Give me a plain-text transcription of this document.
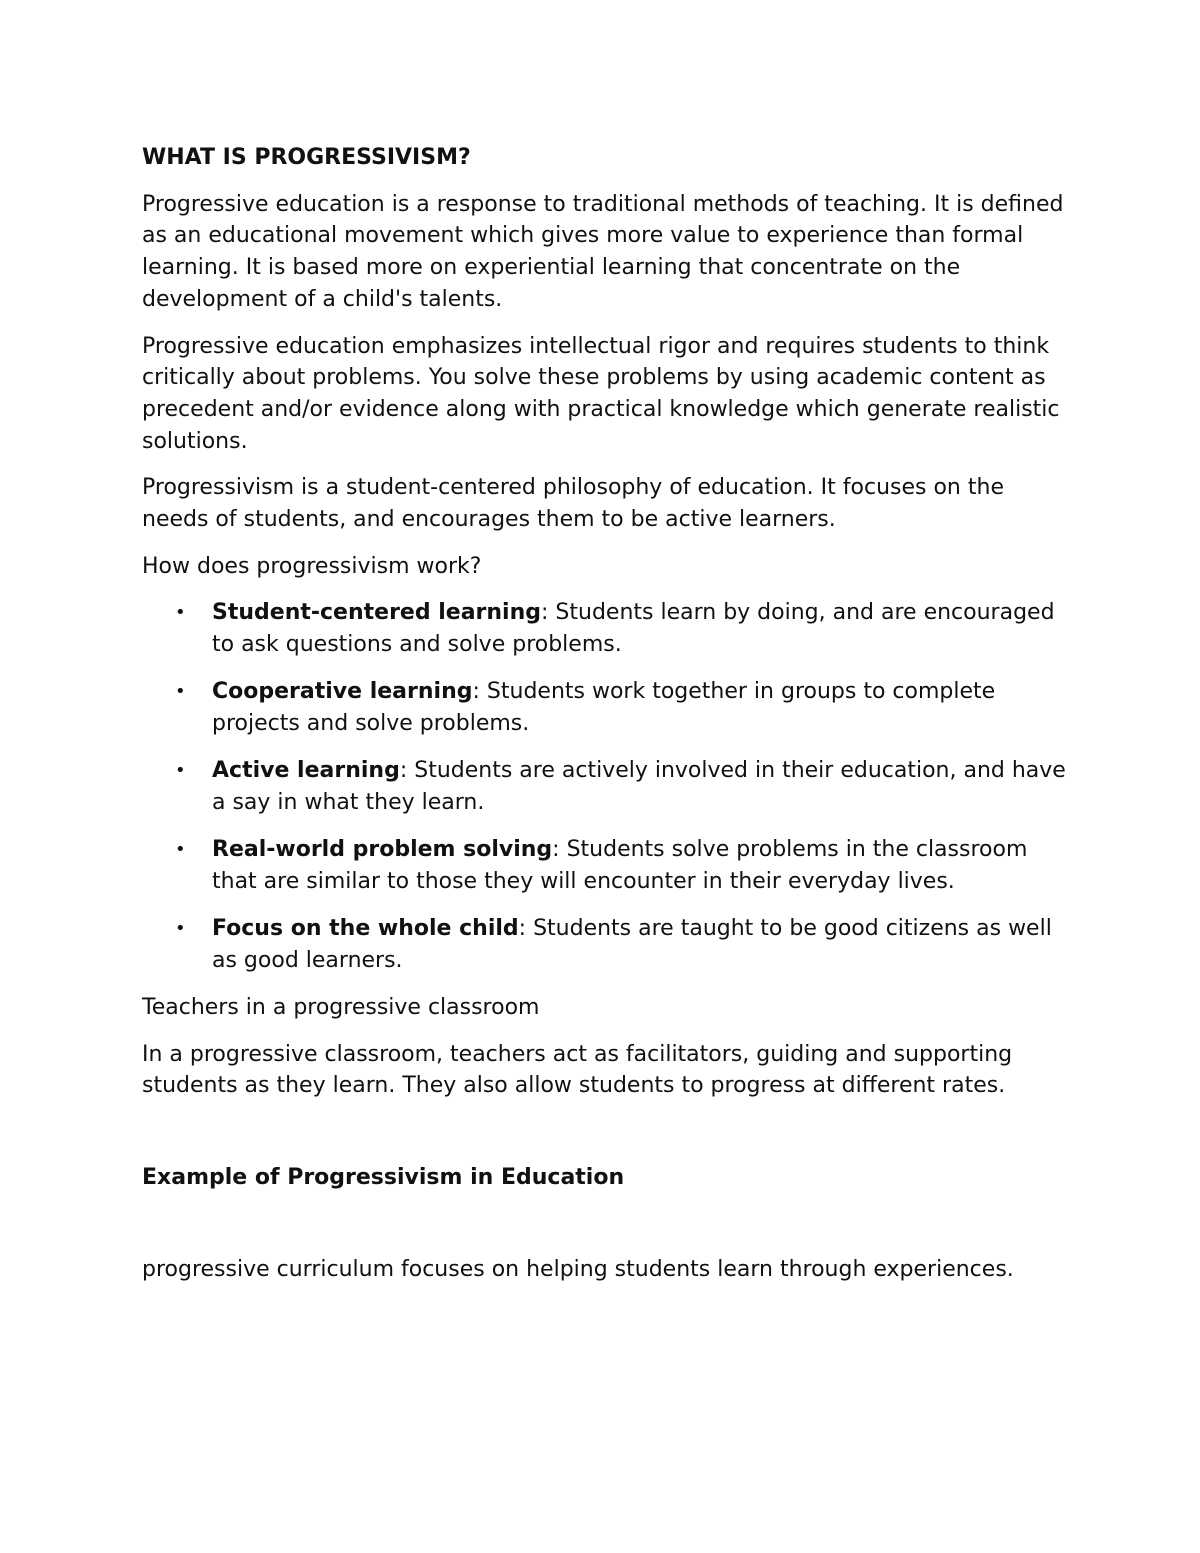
WHAT IS PROGRESSIVISM?

Progressive education is a response to traditional methods of teaching. It is defined as an educational movement which gives more value to experience than formal learning. It is based more on experiential learning that concentrate on the development of a child's talents.

Progressive education emphasizes intellectual rigor and requires students to think critically about problems. You solve these problems by using academic content as precedent and/or evidence along with practical knowledge which generate realistic solutions.

Progressivism is a student-centered philosophy of education. It focuses on the needs of students, and encourages them to be active learners.

How does progressivism work?

• Student-centered learning: Students learn by doing, and are encouraged to ask questions and solve problems.
• Cooperative learning: Students work together in groups to complete projects and solve problems.
• Active learning: Students are actively involved in their education, and have a say in what they learn.
• Real-world problem solving: Students solve problems in the classroom that are similar to those they will encounter in their everyday lives.
• Focus on the whole child: Students are taught to be good citizens as well as good learners.

Teachers in a progressive classroom

In a progressive classroom, teachers act as facilitators, guiding and supporting students as they learn. They also allow students to progress at different rates.

Example of Progressivism in Education

progressive curriculum focuses on helping students learn through experiences.
